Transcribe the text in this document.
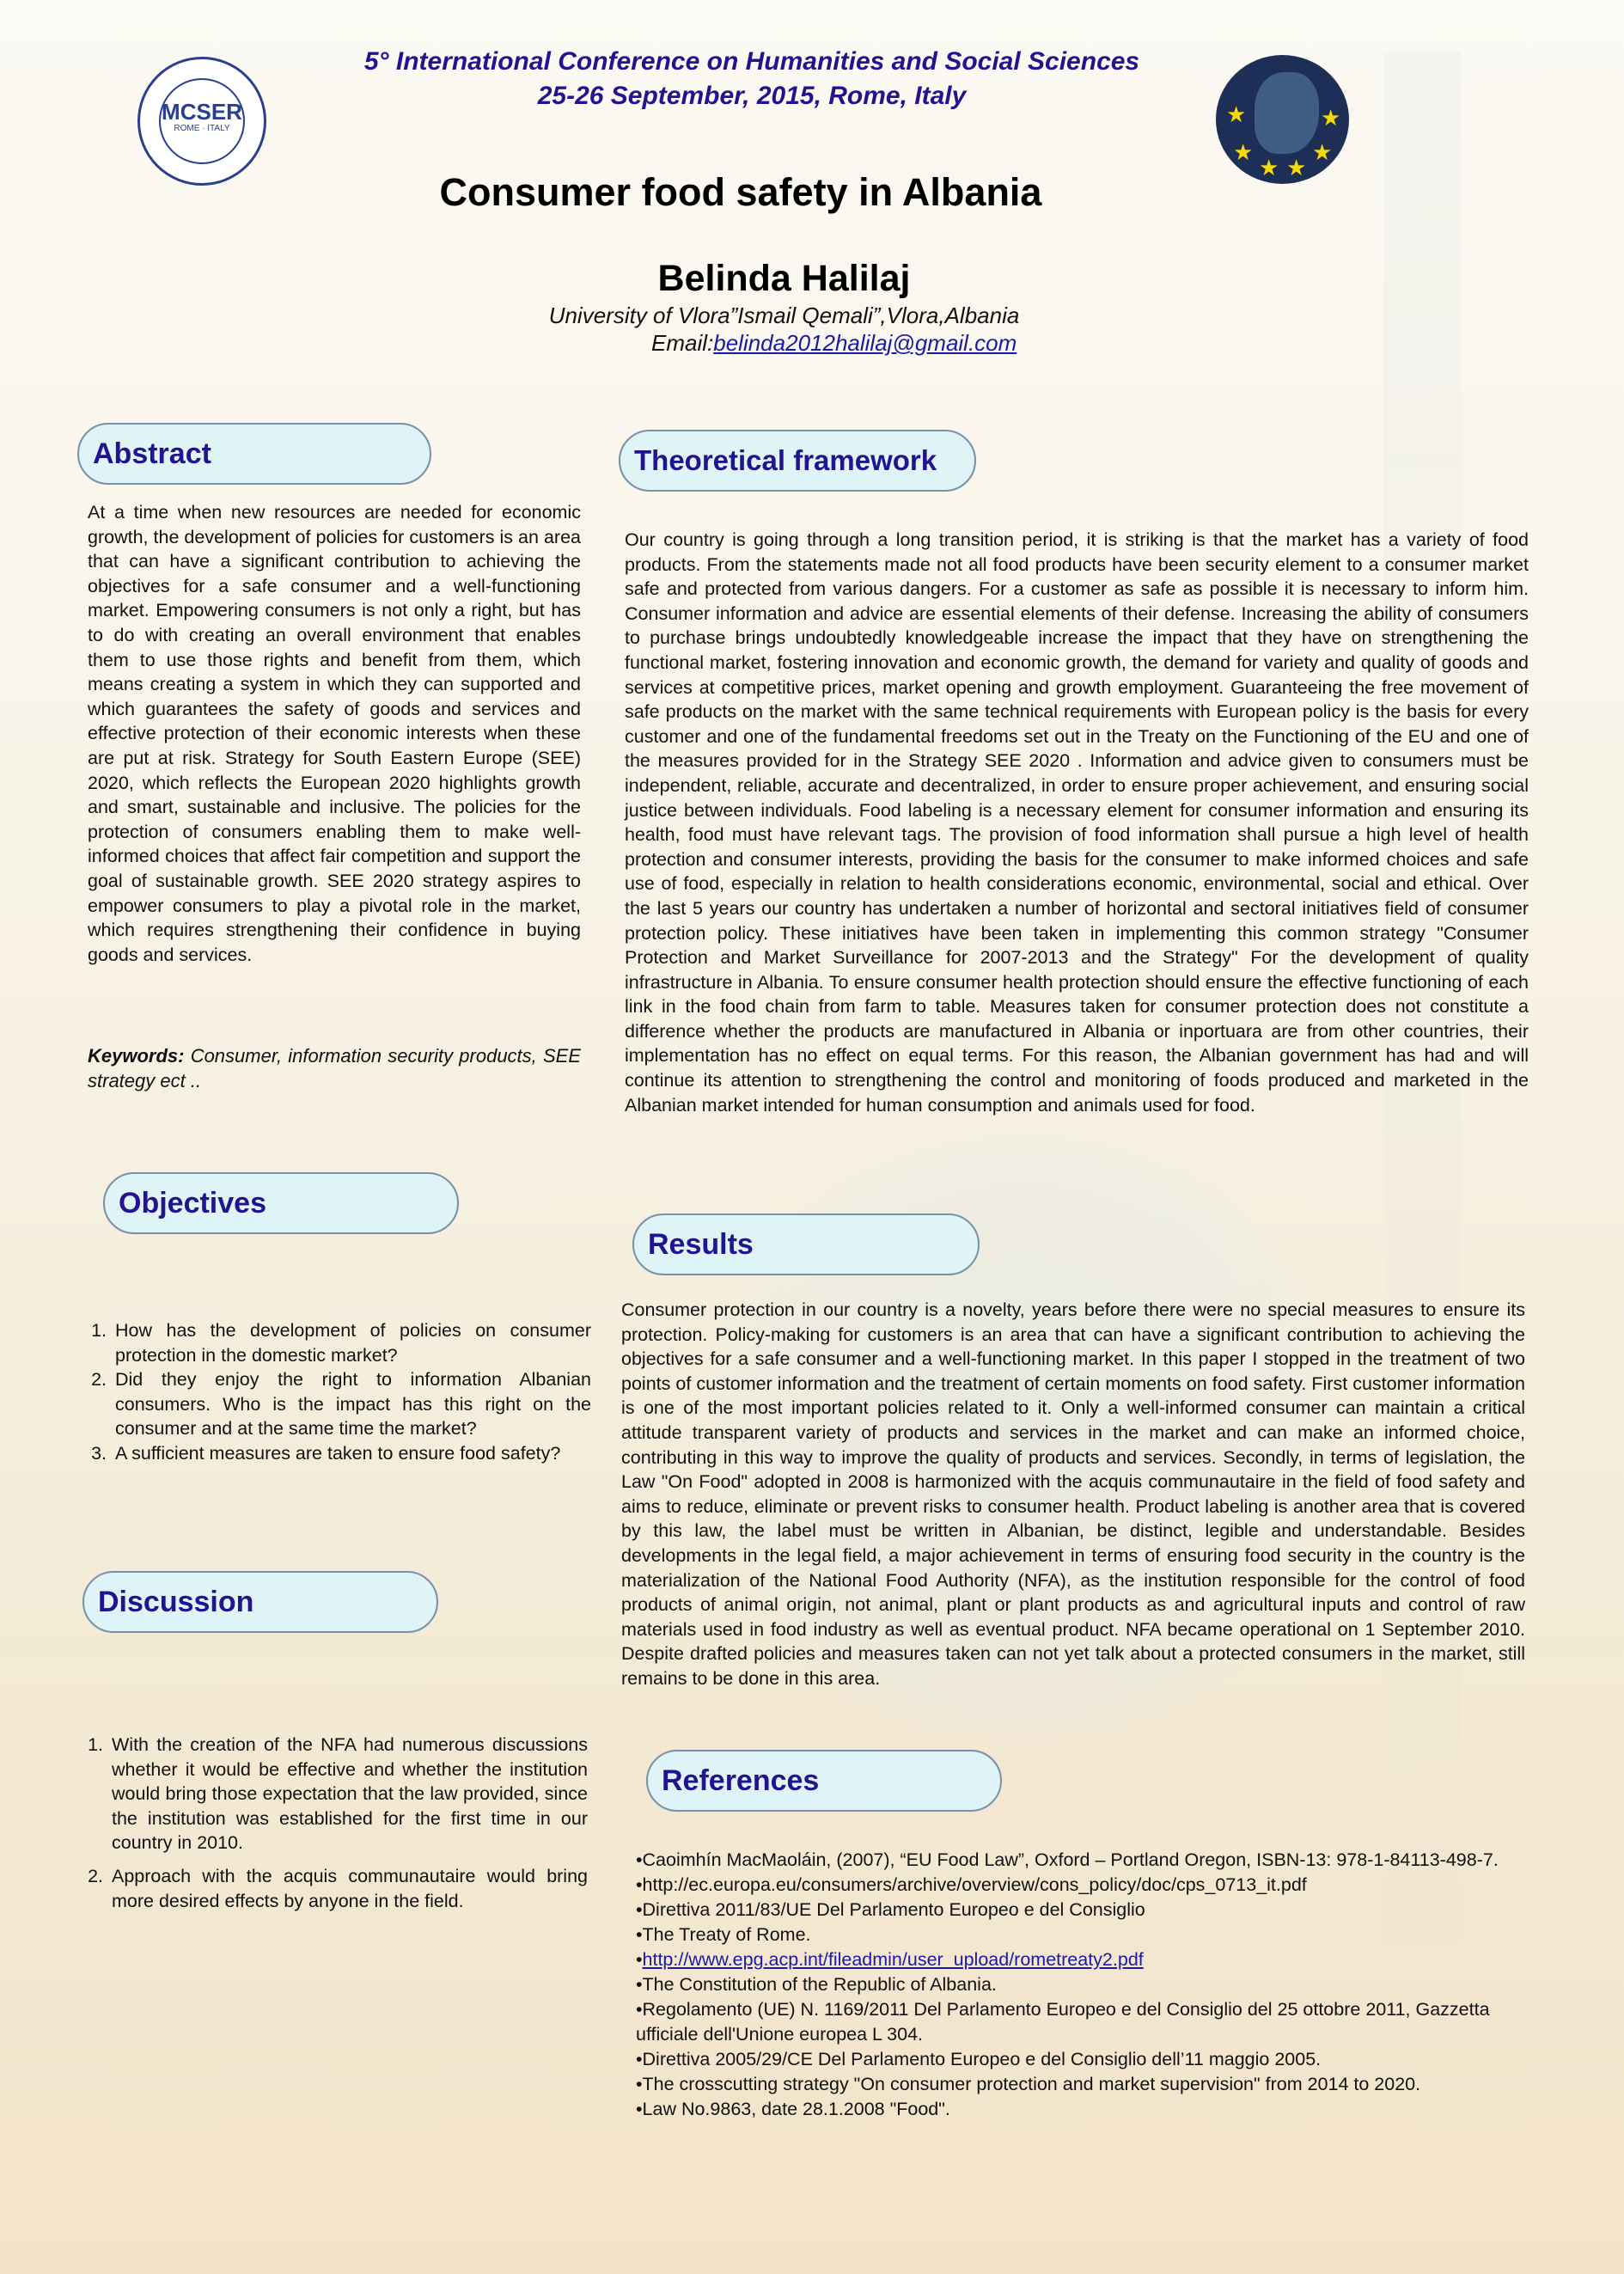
MCSER
ROME · ITALY
★
★
★ ★
★
★
5° International Conference on Humanities and Social Sciences
25-26 September, 2015, Rome, Italy
Consumer food safety in Albania
Belinda Halilaj
University of Vlora”Ismail Qemali”,Vlora,Albania
Email:belinda2012halilaj@gmail.com
Abstract
At a time when new resources are needed for economic growth, the development of policies for customers is an area that can have a significant contribution to achieving the objectives for a safe consumer and a well-functioning market. Empowering consumers is not only a right, but has to do with creating an overall environment that enables them to use those rights and benefit from them, which means creating a system in which they can supported and which guarantees the safety of goods and services and effective protection of their economic interests when these are put at risk. Strategy for South Eastern Europe (SEE) 2020, which reflects the European 2020 highlights growth and smart, sustainable and inclusive. The policies for the protection of consumers enabling them to make well-informed choices that affect fair competition and support the goal of sustainable growth. SEE 2020 strategy aspires to empower consumers to play a pivotal role in the market, which requires strengthening their confidence in buying goods and services.
Keywords: Consumer, information security products, SEE strategy ect ..
Objectives
1. How has the development of policies on consumer protection in the domestic market?
2. Did they enjoy the right to information Albanian consumers. Who is the impact has this right on the consumer and at the same time the market?
3. A sufficient measures are taken to ensure food safety?
Discussion
1. With the creation of the NFA had numerous discussions whether it would be effective and whether the institution would bring those expectation that the law provided, since the institution was established for the first time in our country in 2010.
2. Approach with the acquis communautaire would bring more desired effects by anyone in the field.
Theoretical framework
Our country is going through a long transition period, it is striking is that the market has a variety of food products. From the statements made not all food products have been security element to a consumer market safe and protected from various dangers. For a customer as safe as possible it is necessary to inform him. Consumer information and advice are essential elements of their defense. Increasing the ability of consumers to purchase brings undoubtedly knowledgeable increase the impact that they have on strengthening the functional market, fostering innovation and economic growth, the demand for variety and quality of goods and services at competitive prices, market opening and growth employment. Guaranteeing the free movement of safe products on the market with the same technical requirements with European policy is the basis for every customer and one of the fundamental freedoms set out in the Treaty on the Functioning of the EU and one of the measures provided for in the Strategy SEE 2020 . Information and advice given to consumers must be independent, reliable, accurate and decentralized, in order to ensure proper achievement, and ensuring social justice between individuals. Food labeling is a necessary element for consumer information and ensuring its health, food must have relevant tags. The provision of food information shall pursue a high level of health protection and consumer interests, providing the basis for the consumer to make informed choices and safe use of food, especially in relation to health considerations economic, environmental, social and ethical. Over the last 5 years our country has undertaken a number of horizontal and sectoral initiatives field of consumer protection policy. These initiatives have been taken in implementing this common strategy "Consumer Protection and Market Surveillance for 2007-2013 and the Strategy" For the development of quality infrastructure in Albania. To ensure consumer health protection should ensure the effective functioning of each link in the food chain from farm to table. Measures taken for consumer protection does not constitute a difference whether the products are manufactured in Albania or inportuara are from other countries, their implementation has no effect on equal terms. For this reason, the Albanian government has had and will continue its attention to strengthening the control and monitoring of foods produced and marketed in the Albanian market intended for human consumption and animals used for food.
Results
Consumer protection in our country is a novelty, years before there were no special measures to ensure its protection. Policy-making for customers is an area that can have a significant contribution to achieving the objectives for a safe consumer and a well-functioning market. In this paper I stopped in the treatment of two points of customer information and the treatment of certain moments on food safety. First customer information is one of the most important policies related to it. Only a well-informed consumer can maintain a critical attitude transparent variety of products and services in the market and can make an informed choice, contributing in this way to improve the quality of products and services. Secondly, in terms of legislation, the Law "On Food" adopted in 2008 is harmonized with the acquis communautaire in the field of food safety and aims to reduce, eliminate or prevent risks to consumer health. Product labeling is another area that is covered by this law, the label must be written in Albanian, be distinct, legible and understandable. Besides developments in the legal field, a major achievement in terms of ensuring food security in the country is the materialization of the National Food Authority (NFA), as the institution responsible for the control of food products of animal origin, not animal, plant or plant products as and agricultural inputs and control of raw materials used in food industry as well as eventual product. NFA became operational on 1 September 2010. Despite drafted policies and measures taken can not yet talk about a protected consumers in the market, still remains to be done in this area.
References
•Caoimhín MacMaoláin, (2007), “EU Food Law”, Oxford – Portland Oregon, ISBN-13: 978-1-84113-498-7.
•http://ec.europa.eu/consumers/archive/overview/cons_policy/doc/cps_0713_it.pdf
•Direttiva 2011/83/UE Del Parlamento Europeo e del Consiglio
•The Treaty of Rome.
•http://www.epg.acp.int/fileadmin/user_upload/rometreaty2.pdf
•The Constitution of the Republic of Albania.
•Regolamento (UE) N. 1169/2011 Del Parlamento Europeo e del Consiglio del 25 ottobre 2011, Gazzetta ufficiale dell'Unione europea L 304.
•Direttiva 2005/29/CE Del Parlamento Europeo e del Consiglio dell’11 maggio 2005.
•The crosscutting strategy "On consumer protection and market supervision" from 2014 to 2020.
•Law No.9863, date 28.1.2008 "Food".
